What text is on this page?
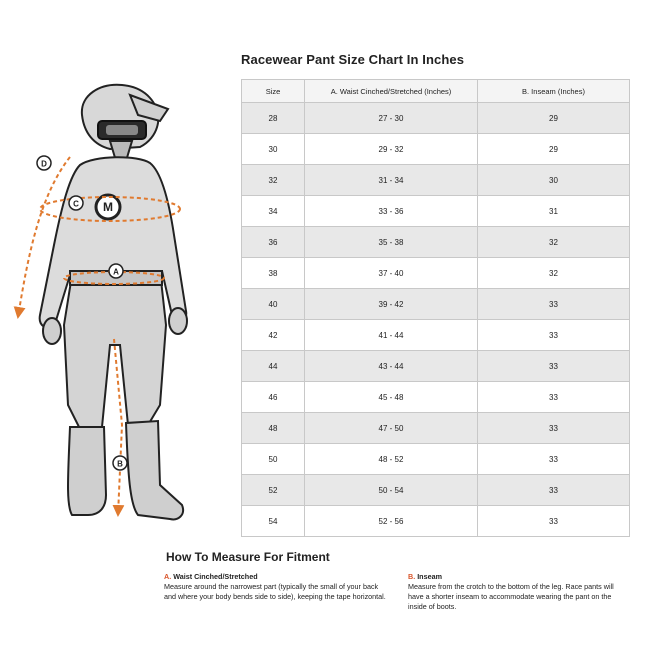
M
A
B
C
D
Racewear Pant Size Chart In Inches
Size	A. Waist Cinched/Stretched (Inches)	B. Inseam (Inches)
28	27 - 30	29
30	29 - 32	29
32	31 - 34	30
34	33 - 36	31
36	35 - 38	32
38	37 - 40	32
40	39 - 42	33
42	41 - 44	33
44	43 - 44	33
46	45 - 48	33
48	47 - 50	33
50	48 - 52	33
52	50 - 54	33
54	52 - 56	33
How To Measure For Fitment
A. Waist Cinched/Stretched
Measure around the narrowest part (typically the small of your back and where your body bends side to side), keeping the tape horizontal.
B. Inseam
Measure from the crotch to the bottom of the leg. Race pants will have a shorter inseam to accommodate wearing the pant on the inside of boots.
